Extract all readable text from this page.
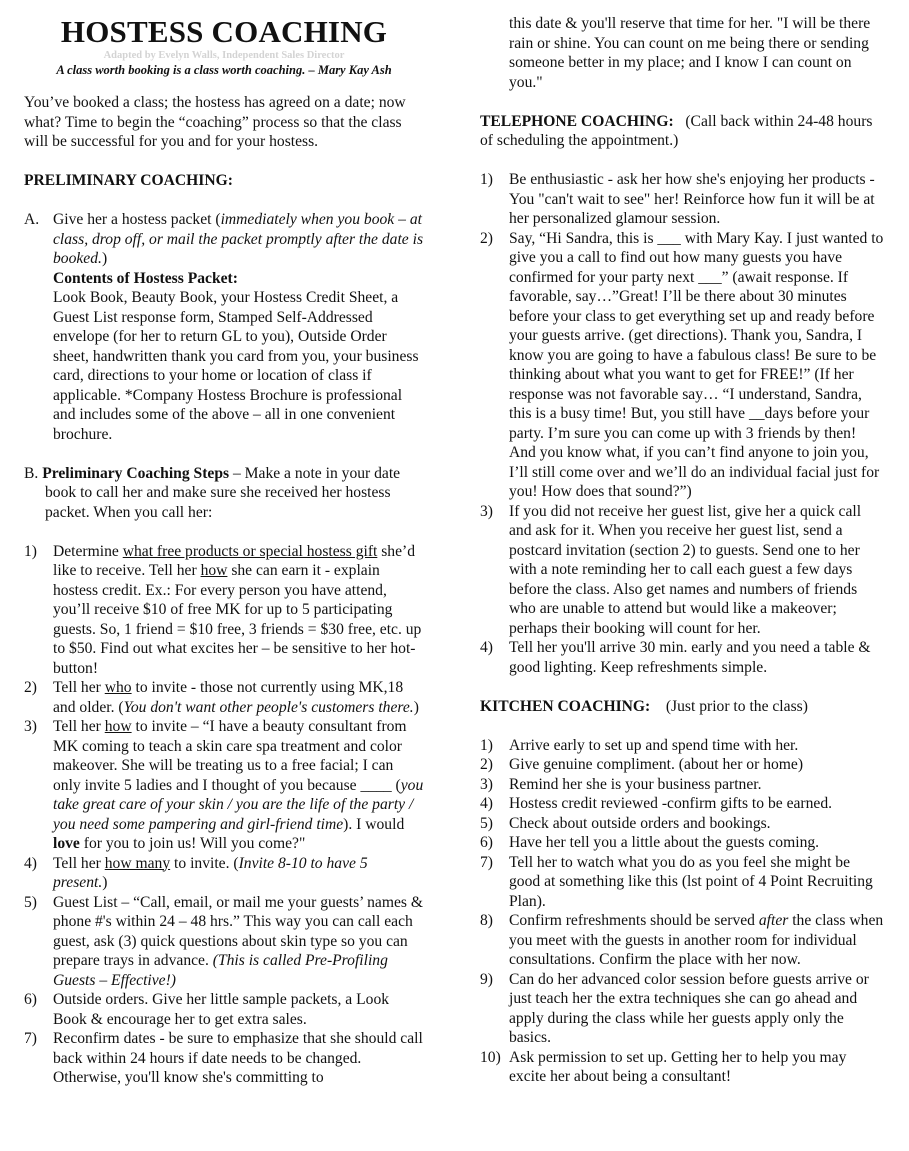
HOSTESS COACHING
Adapted by Evelyn Walls, Independent Sales Director
A class worth booking is a class worth coaching. – Mary Kay Ash

You’ve booked a class; the hostess has agreed on a date; now what? Time to begin the “coaching” process so that the class will be successful for you and for your hostess.

PRELIMINARY COACHING:

A. Give her a hostess packet (immediately when you book – at class, drop off, or mail the packet promptly after the date is booked.)

Contents of Hostess Packet:

Look Book, Beauty Book, your Hostess Credit Sheet, a Guest List response form, Stamped Self-Addressed envelope (for her to return GL to you), Outside Order sheet, handwritten thank you card from you, your business card, directions to your home or location of class if applicable. *Company Hostess Brochure is professional and includes some of the above – all in one convenient brochure.

B. Preliminary Coaching Steps – Make a note in your date book to call her and make sure she received her hostess packet. When you call her:

1) Determine what free products or special hostess gift she’d like to receive. Tell her how she can earn it - explain hostess credit. Ex.: For every person you have attend, you’ll receive $10 of free MK for up to 5 participating guests. So, 1 friend = $10 free, 3 friends = $30 free, etc. up to $50. Find out what excites her – be sensitive to her hot-button!

2) Tell her who to invite - those not currently using MK,18 and older. (You don't want other people's customers there.)

3) Tell her how to invite – “I have a beauty consultant from MK coming to teach a skin care spa treatment and color makeover. She will be treating us to a free facial; I can only invite 5 ladies and I thought of you because ____ (you take great care of your skin / you are the life of the party / you need some pampering and girl-friend time). I would love for you to join us! Will you come?"

4) Tell her how many to invite. (Invite 8-10 to have 5 present.)

5) Guest List – “Call, email, or mail me your guests’ names & phone #'s within 24 – 48 hrs.” This way you can call each guest, ask (3) quick questions about skin type so you can prepare trays in advance. (This is called Pre-Profiling Guests – Effective!)

6) Outside orders. Give her little sample packets, a Look Book & encourage her to get extra sales.

7) Reconfirm dates - be sure to emphasize that she should call back within 24 hours if date needs to be changed. Otherwise, you'll know she's committing to

this date & you'll reserve that time for her. "I will be there rain or shine. You can count on me being there or sending someone better in my place; and I know I can count on you."

TELEPHONE COACHING: (Call back within 24-48 hours of scheduling the appointment.)

1) Be enthusiastic - ask her how she's enjoying her products - You "can't wait to see" her! Reinforce how fun it will be at her personalized glamour session.

2) Say, “Hi Sandra, this is ___ with Mary Kay. I just wanted to give you a call to find out how many guests you have confirmed for your party next ___” (await response. If favorable, say…”Great! I’ll be there about 30 minutes before your class to get everything set up and ready before your guests arrive. (get directions). Thank you, Sandra, I know you are going to have a fabulous class! Be sure to be thinking about what you want to get for FREE!” (If her response was not favorable say… “I understand, Sandra, this is a busy time! But, you still have __days before your party. I’m sure you can come up with 3 friends by then! And you know what, if you can’t find anyone to join you, I’ll still come over and we’ll do an individual facial just for you! How does that sound?”)

3) If you did not receive her guest list, give her a quick call and ask for it. When you receive her guest list, send a postcard invitation (section 2) to guests. Send one to her with a note reminding her to call each guest a few days before the class. Also get names and numbers of friends who are unable to attend but would like a makeover; perhaps their booking will count for her.

4) Tell her you'll arrive 30 min. early and you need a table & good lighting. Keep refreshments simple.

KITCHEN COACHING: (Just prior to the class)

1) Arrive early to set up and spend time with her.

2) Give genuine compliment. (about her or home)

3) Remind her she is your business partner.

4) Hostess credit reviewed -confirm gifts to be earned.

5) Check about outside orders and bookings.

6) Have her tell you a little about the guests coming.

7) Tell her to watch what you do as you feel she might be good at something like this (lst point of 4 Point Recruiting Plan).

8) Confirm refreshments should be served after the class when you meet with the guests in another room for individual consultations. Confirm the place with her now.

9) Can do her advanced color session before guests arrive or just teach her the extra techniques she can go ahead and apply during the class while her guests apply only the basics.

10) Ask permission to set up. Getting her to help you may excite her about being a consultant!
